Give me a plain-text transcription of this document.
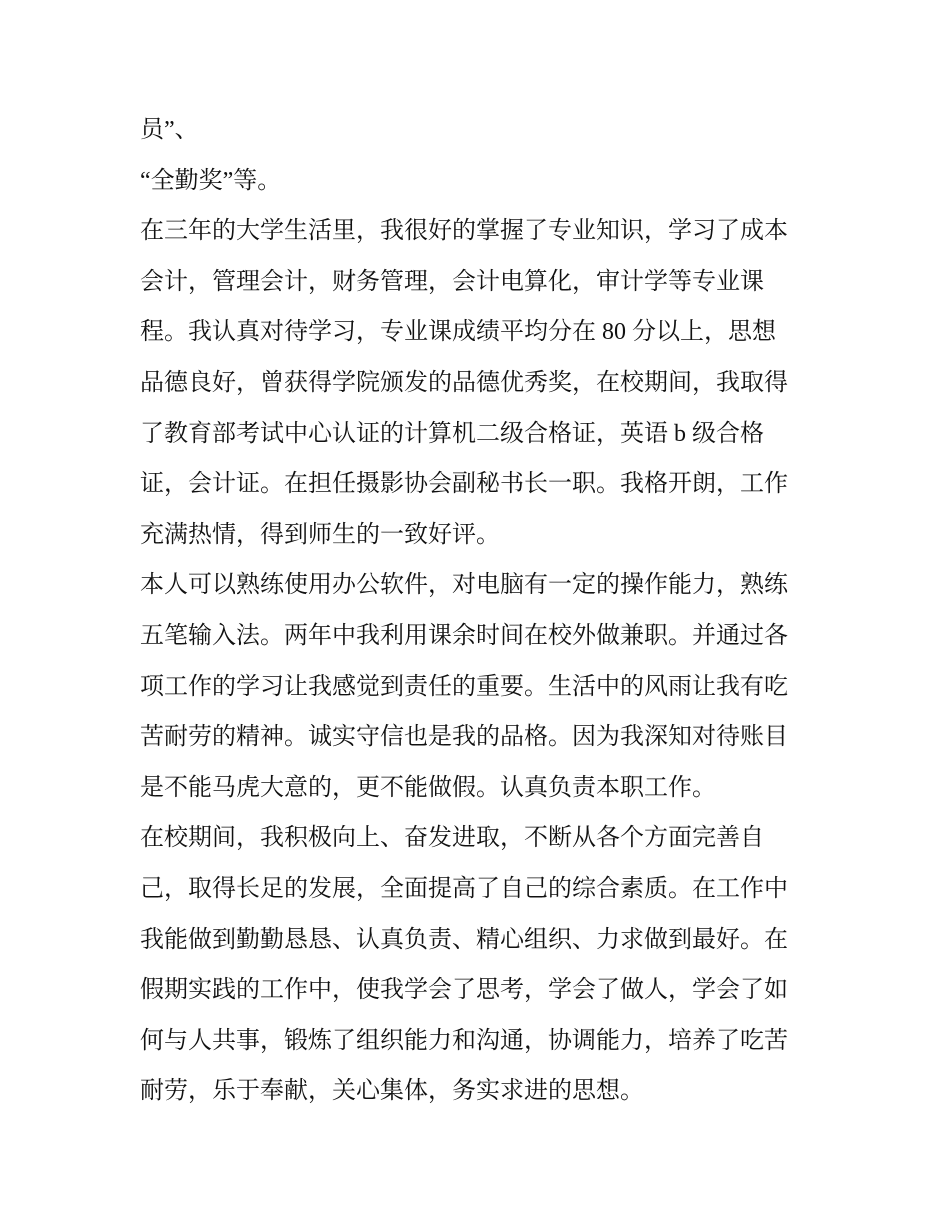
员”、
“全勤奖”等。
在三年的大学生活里，我很好的掌握了专业知识，学习了成本
会计，管理会计，财务管理，会计电算化，审计学等专业课
程。我认真对待学习，专业课成绩平均分在 80 分以上，思想
品德良好，曾获得学院颁发的品德优秀奖，在校期间，我取得
了教育部考试中心认证的计算机二级合格证，英语 b 级合格
证，会计证。在担任摄影协会副秘书长一职。我格开朗，工作
充满热情，得到师生的一致好评。
本人可以熟练使用办公软件，对电脑有一定的操作能力，熟练
五笔输入法。两年中我利用课余时间在校外做兼职。并通过各
项工作的学习让我感觉到责任的重要。生活中的风雨让我有吃
苦耐劳的精神。诚实守信也是我的品格。因为我深知对待账目
是不能马虎大意的，更不能做假。认真负责本职工作。
在校期间，我积极向上、奋发进取，不断从各个方面完善自
己，取得长足的发展，全面提高了自己的综合素质。在工作中
我能做到勤勤恳恳、认真负责、精心组织、力求做到最好。在
假期实践的工作中，使我学会了思考，学会了做人，学会了如
何与人共事，锻炼了组织能力和沟通，协调能力，培养了吃苦
耐劳，乐于奉献，关心集体，务实求进的思想。
